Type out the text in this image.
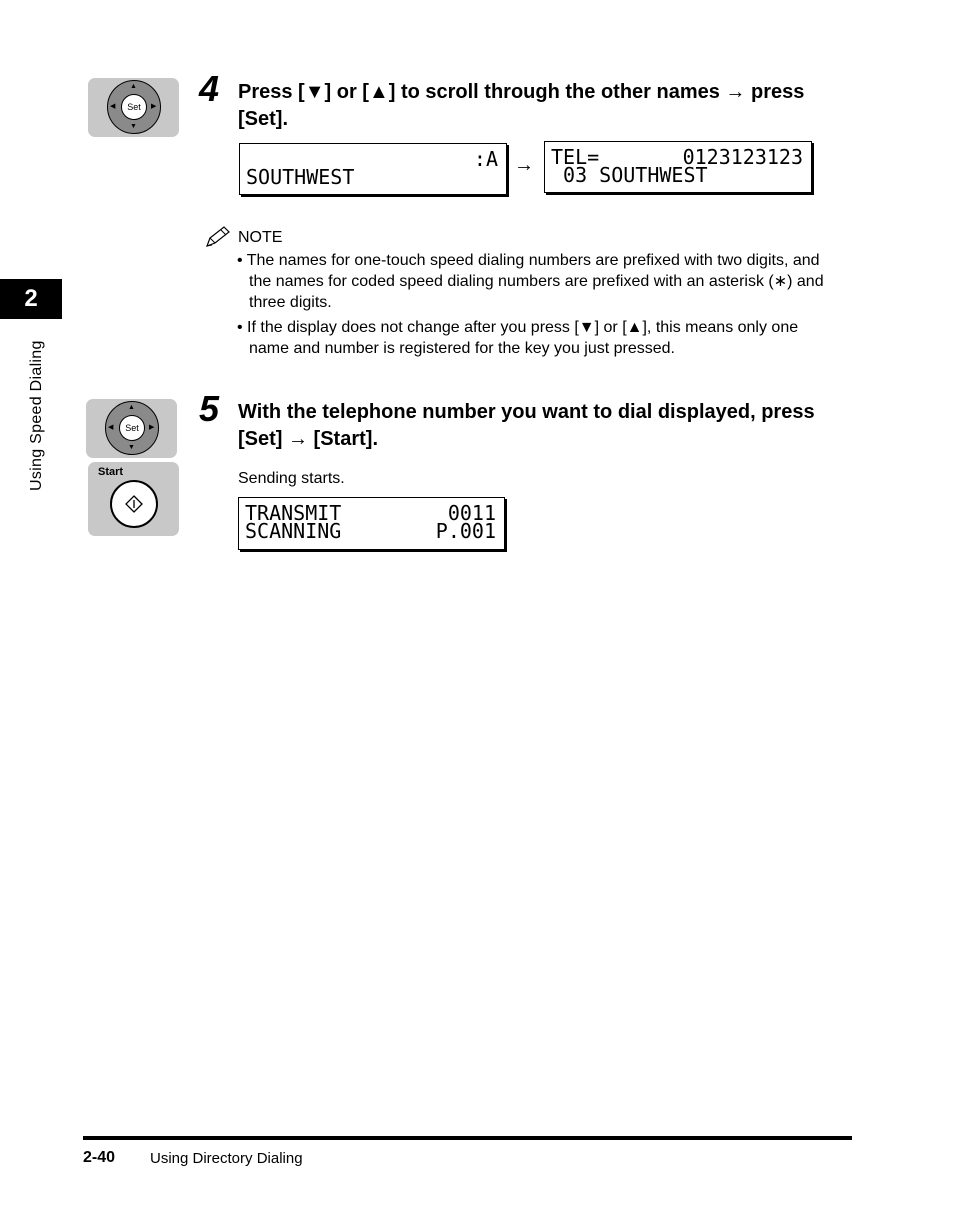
2
Using Speed Dialing
▲
▼
◀	▶
Set 4 Press [▼] or [▲] to scroll through the other names → press
[Set].
:A
SOUTHWEST	→ TEL=	0123123123
03 SOUTHWEST
NOTE
• The names for one-touch speed dialing numbers are prefixed with two digits, and
the names for coded speed dialing numbers are prefixed with an asterisk (∗) and
three digits.
• If the display does not change after you press [▼] or [▲], this means only one
name and number is registered for the key you just pressed.
▲
▼
◀	▶
Set
Start
5 With the telephone number you want to dial displayed, press
[Set] → [Start].
Sending starts.
TRANSMIT	0011
SCANNING	P.001
2-40 Using Directory Dialing
